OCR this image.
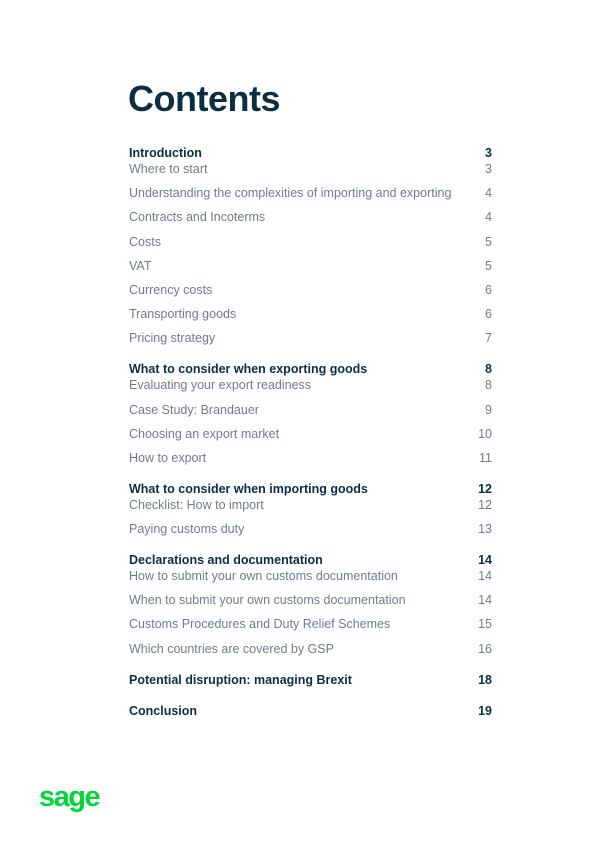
Contents
Introduction	3
Where to start	3
Understanding the complexities of importing and exporting	4
Contracts and Incoterms	4
Costs	5
VAT	5
Currency costs	6
Transporting goods	6
Pricing strategy	7
What to consider when exporting goods	8
Evaluating your export readiness	8
Case Study: Brandauer	9
Choosing an export market	10
How to export	11
What to consider when importing goods	12
Checklist: How to import	12
Paying customs duty	13
Declarations and documentation	14
How to submit your own customs documentation	14
When to submit your own customs documentation	14
Customs Procedures and Duty Relief Schemes	15
Which countries are covered by GSP	16
Potential disruption: managing Brexit	18
Conclusion	19
sage
